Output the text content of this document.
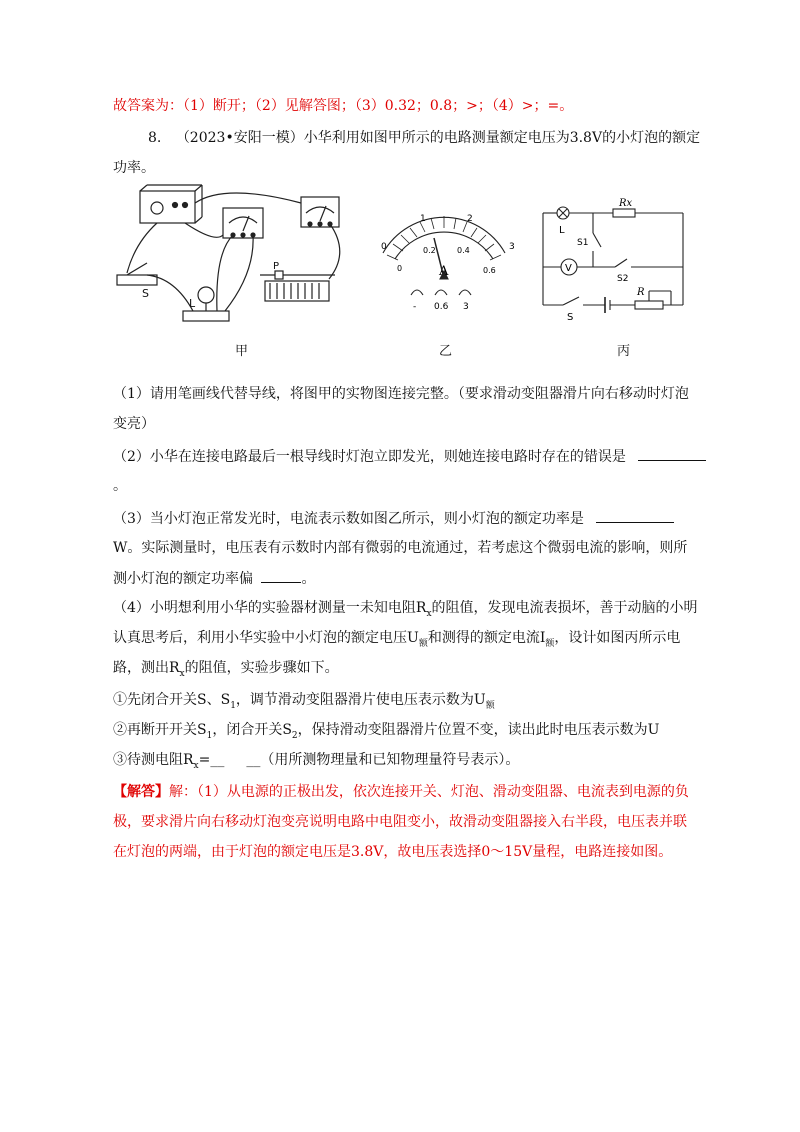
故答案为：（1）断开；（2）见解答图；（3）0.32；0.8；>；（4）>；=。
8. （2023•安阳一模）小华利用如图甲所示的电路测量额定电压为3.8V的小灯泡的额定
功率。
S
L
P
0
1	2
3
0
0.2	0.4
0.6
A
- 0.6 3
Rx
L
S1
V
S2
S
R
甲	乙	丙
（1）请用笔画线代替导线，将图甲的实物图连接完整。（要求滑动变阻器滑片向右移动时灯泡
变亮）
（2）小华在连接电路最后一根导线时灯泡立即发光，则她连接电路时存在的错误是
。
（3）当小灯泡正常发光时，电流表示数如图乙所示，则小灯泡的额定功率是
W。实际测量时，电压表有示数时内部有微弱的电流通过，若考虑这个微弱电流的影响，则所
测小灯泡的额定功率偏	。
（4）小明想利用小华的实验器材测量一未知电阻$R_x$的阻值，发现电流表损坏，善于动脑的小明
认真思考后，利用小华实验中小灯泡的额定电压$U_额$和测得的额定电流$I_额$，设计如图丙所示电
路，测出$R_x$的阻值，实验步骤如下。
①先闭合开关S、$S_1$，调节滑动变阻器滑片使电压表示数为$U_额$
②再断开开关$S_1$，闭合开关$S_2$，保持滑动变阻器滑片位置不变，读出此时电压表示数为U
③待测电阻$R_x=\_\_$ __（用所测物理量和已知物理量符号表示）。
【解答】解：（1）从电源的正极出发，依次连接开关、灯泡、滑动变阻器、电流表到电源的负
极，要求滑片向右移动灯泡变亮说明电路中电阻变小，故滑动变阻器接入右半段，电压表并联
在灯泡的两端，由于灯泡的额定电压是3.8V，故电压表选择0～15V量程，电路连接如图。
